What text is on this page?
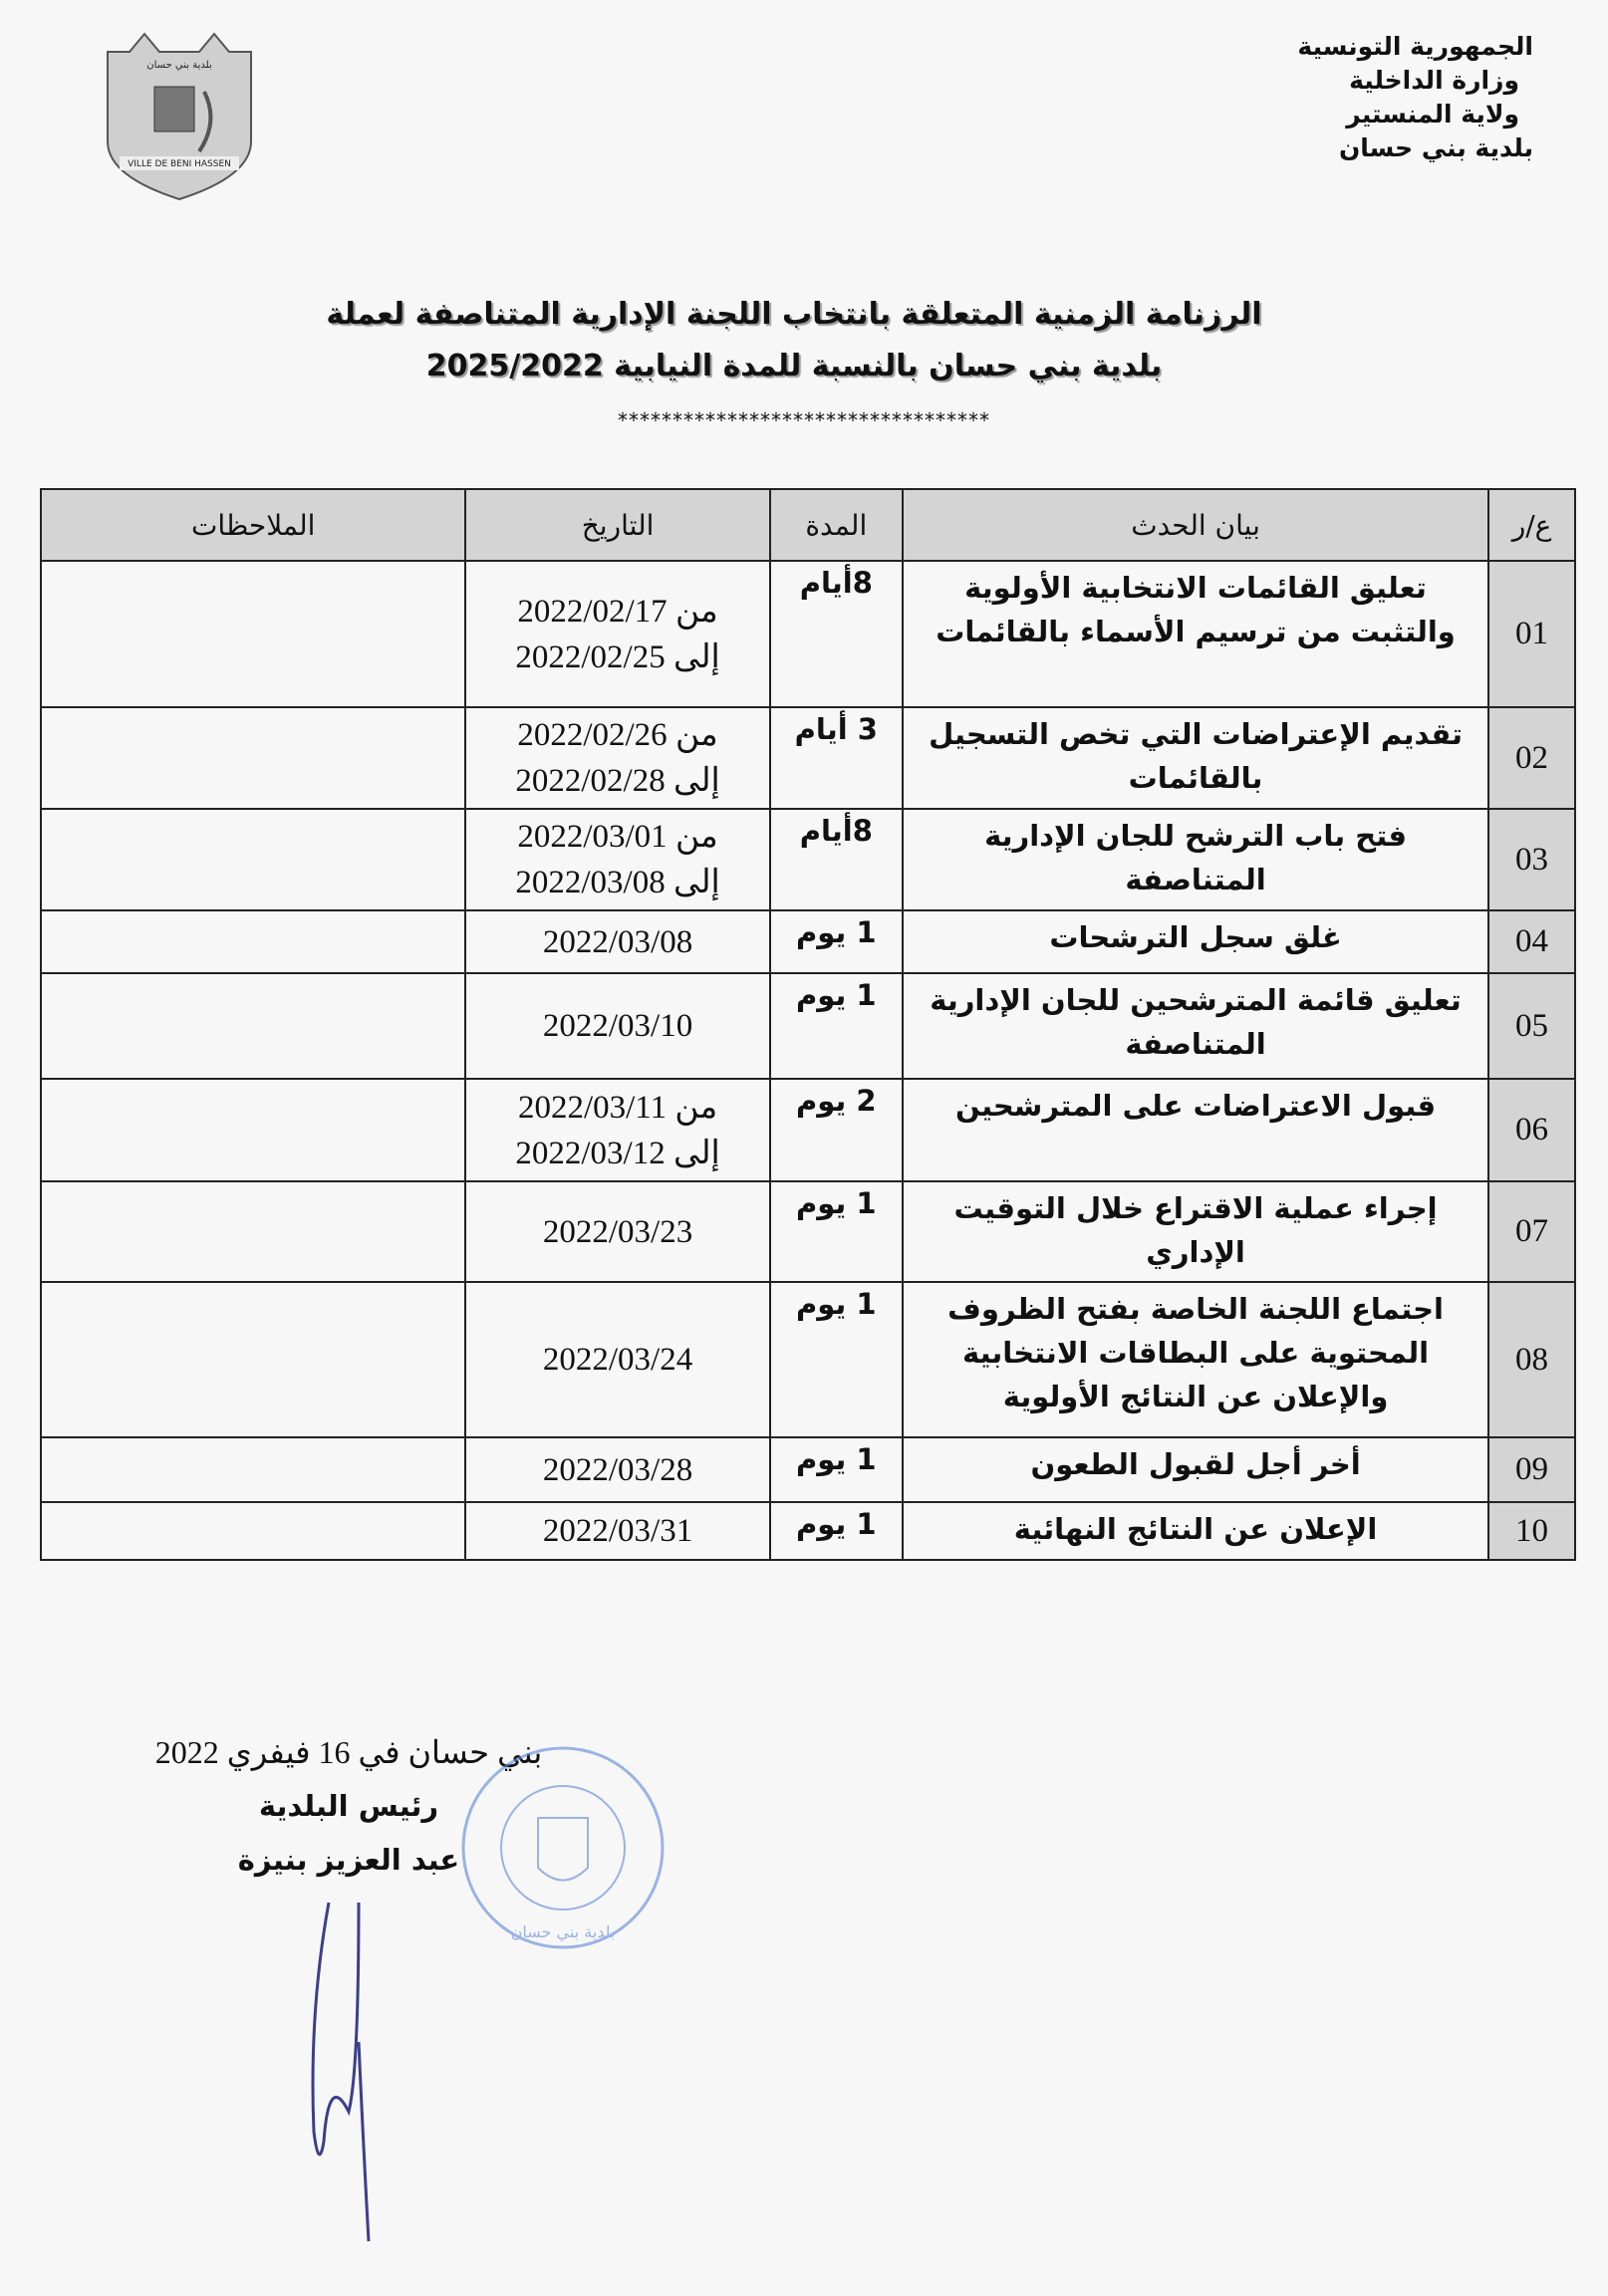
الجمهورية التونسية
وزارة الداخلية
ولاية المنستير
بلدية بني حسان
VILLE DE BENI HASSEN
بلدية بني حسان
الرزنامة الزمنية المتعلقة بانتخاب اللجنة الإدارية المتناصفة لعملة
بلدية بني حسان بالنسبة للمدة النيابية 2025/2022
**********************************
ع/ر	بيان الحدث	المدة	التاريخ	الملاحظات
01	تعليق القائمات الانتخابية الأولوية والتثبت من ترسيم الأسماء بالقائمات	8أيام	من 2022/02/17
إلى 2022/02/25	

02	تقديم الإعتراضات التي تخص التسجيل بالقائمات	3 أيام	من 2022/02/26
إلى 2022/02/28	

03	فتح باب الترشح للجان الإدارية المتناصفة	8أيام	من 2022/03/01
إلى 2022/03/08	

04	غلق سجل الترشحات	1 يوم	2022/03/08	

05	تعليق قائمة المترشحين للجان الإدارية المتناصفة	1 يوم	2022/03/10	

06	قبول الاعتراضات على المترشحين	2 يوم	من 2022/03/11
إلى 2022/03/12	

07	إجراء عملية الاقتراع خلال التوقيت الإداري	1 يوم	2022/03/23	

08	اجتماع اللجنة الخاصة بفتح الظروف المحتوية على البطاقات الانتخابية والإعلان عن النتائج الأولوية	1 يوم	2022/03/24	

09	أخر أجل لقبول الطعون	1 يوم	2022/03/28	

10	الإعلان عن النتائج النهائية	1 يوم	2022/03/31	

بني حسان في 16 فيفري 2022
رئيس البلدية
عبد العزيز بنيزة
بلدية بني حسان
